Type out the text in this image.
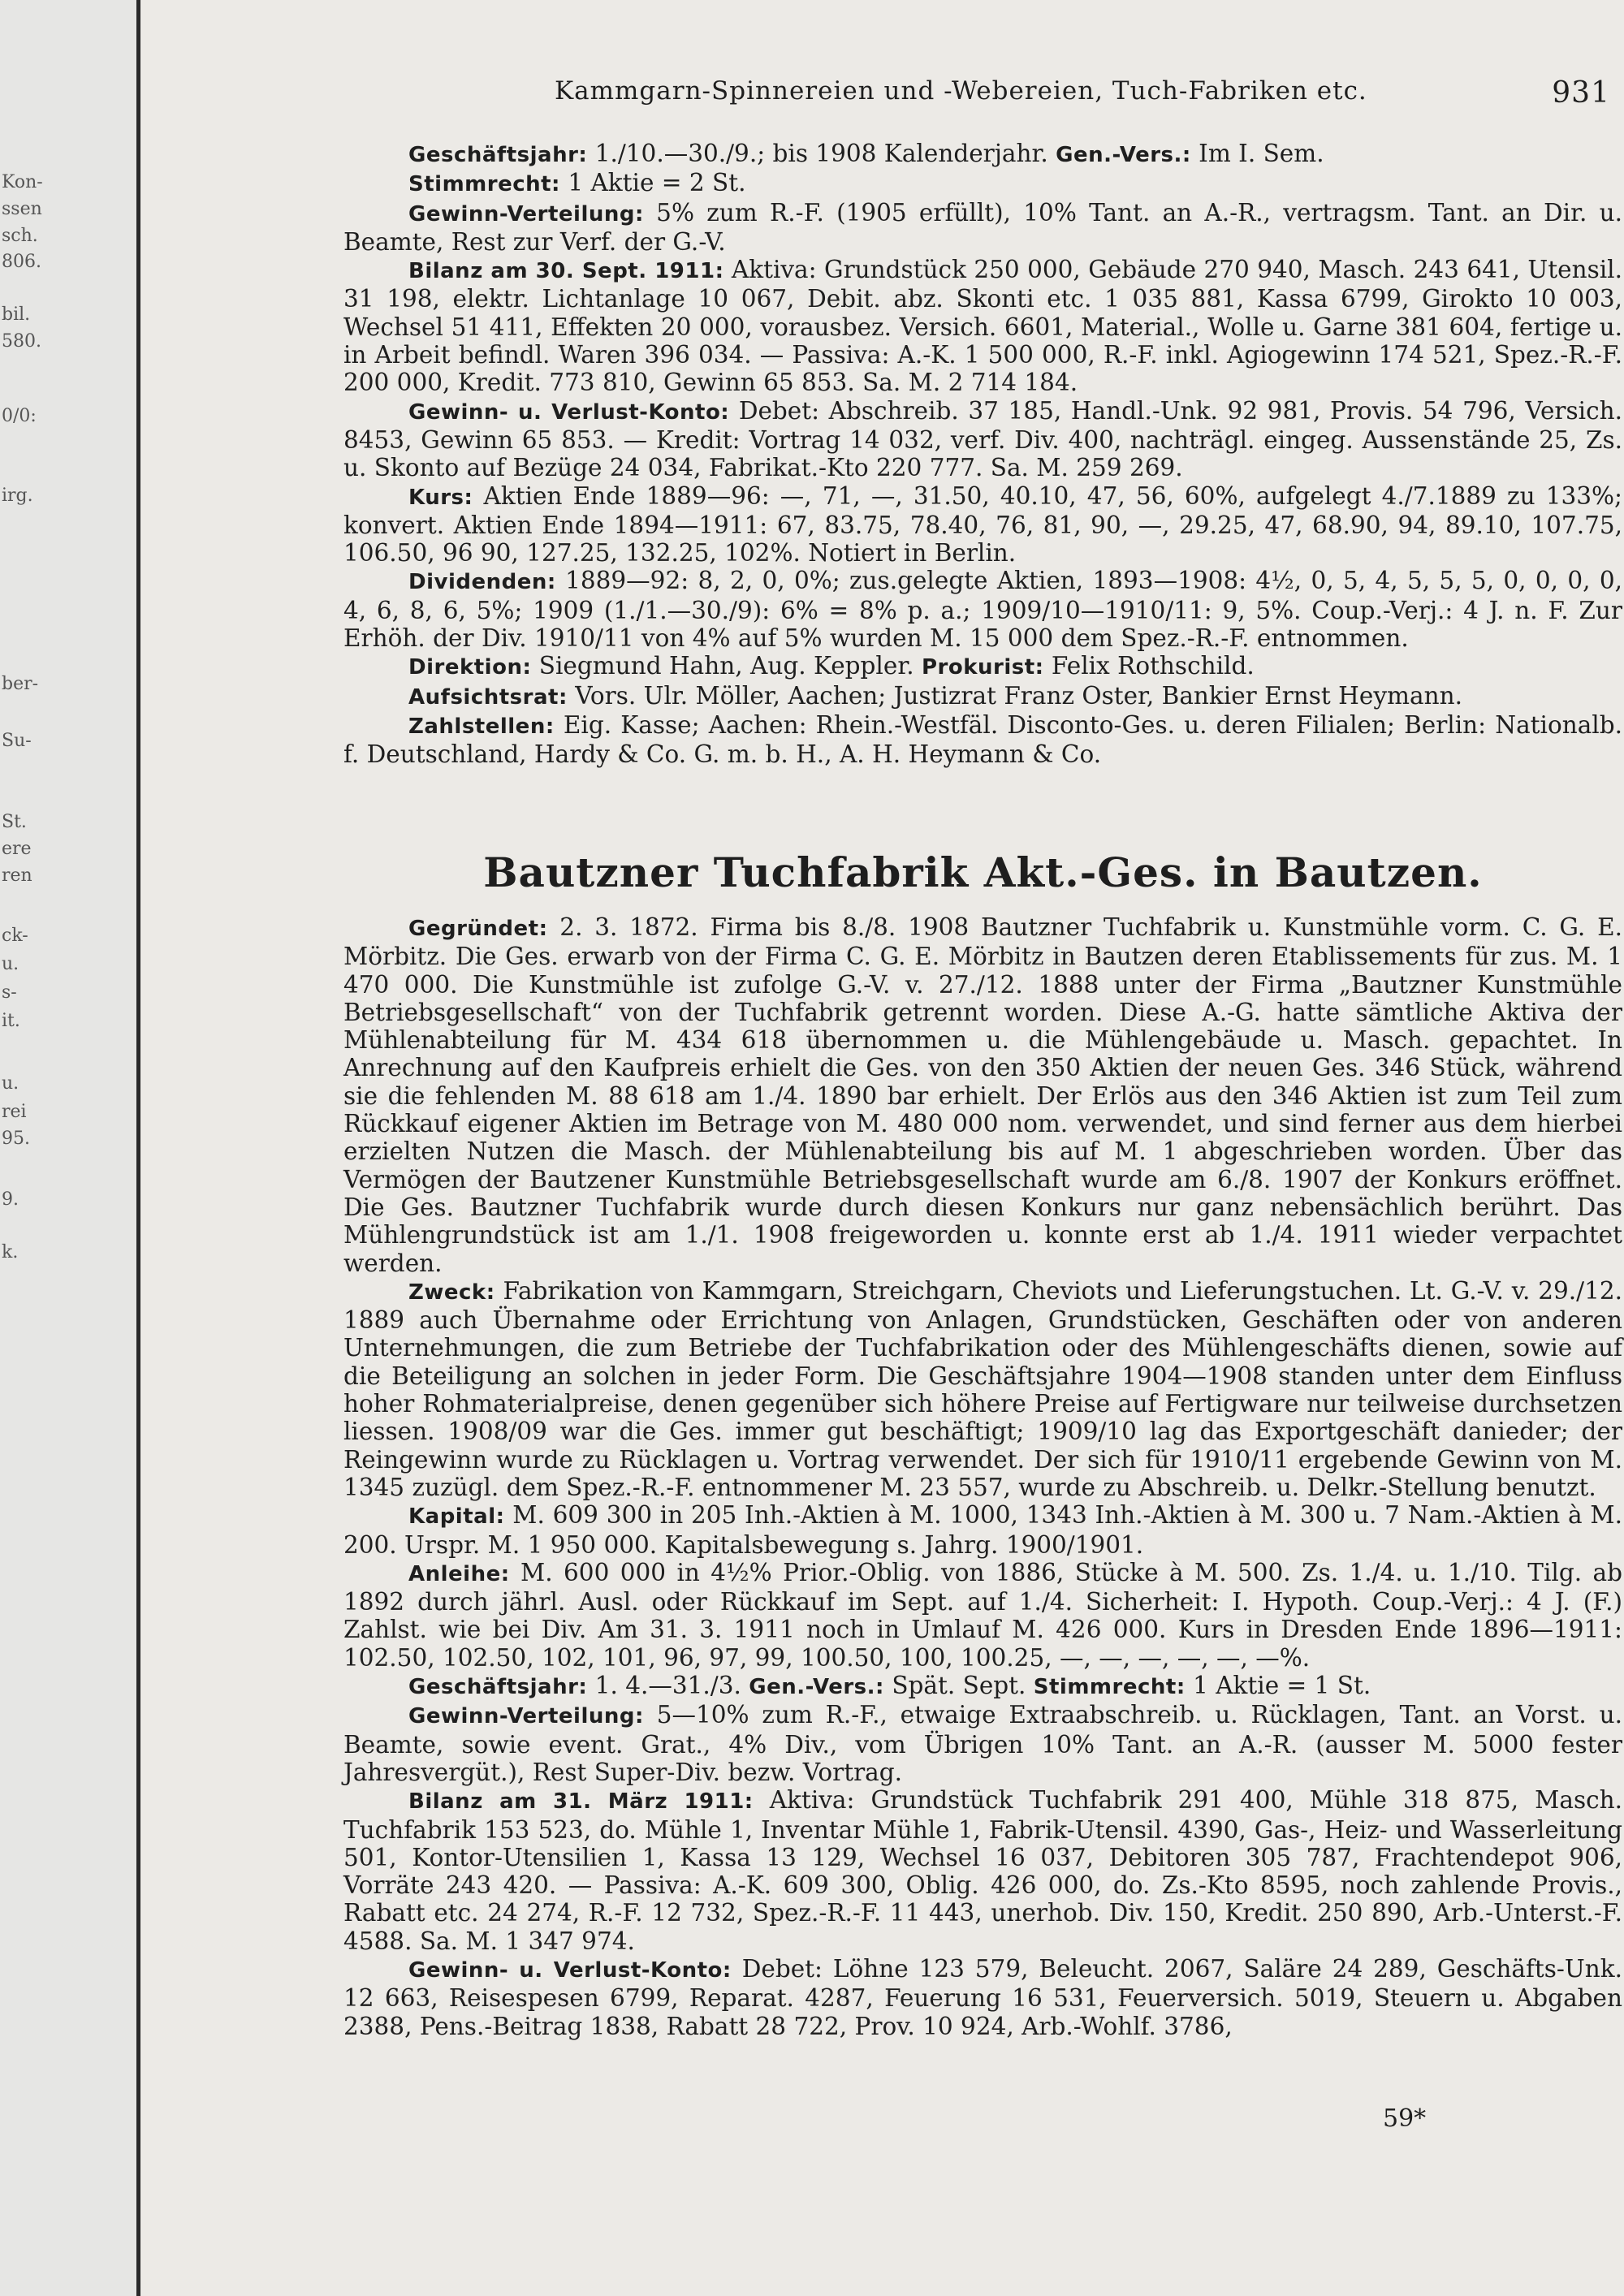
Kon-
ssen
sch.
806.
bil.
580.
0/0:
irg.
ber-
Su-
St.
ere
ren
ck-
u.
s-
it.
u.
rei
95.
9.
k.
Kammgarn-Spinnereien und -Webereien, Tuch-Fabriken etc.	931

Geschäftsjahr: 1./10.—30./9.; bis 1908 Kalenderjahr. Gen.-Vers.: Im I. Sem.

Stimmrecht: 1 Aktie = 2 St.

Gewinn-Verteilung: 5% zum R.-F. (1905 erfüllt), 10% Tant. an A.-R., vertragsm. Tant. an Dir. u. Beamte, Rest zur Verf. der G.-V.

Bilanz am 30. Sept. 1911: Aktiva: Grundstück 250 000, Gebäude 270 940, Masch. 243 641, Utensil. 31 198, elektr. Lichtanlage 10 067, Debit. abz. Skonti etc. 1 035 881, Kassa 6799, Girokto 10 003, Wechsel 51 411, Effekten 20 000, vorausbez. Versich. 6601, Material., Wolle u. Garne 381 604, fertige u. in Arbeit befindl. Waren 396 034. — Passiva: A.-K. 1 500 000, R.-F. inkl. Agiogewinn 174 521, Spez.-R.-F. 200 000, Kredit. 773 810, Gewinn 65 853. Sa. M. 2 714 184.

Gewinn- u. Verlust-Konto: Debet: Abschreib. 37 185, Handl.-Unk. 92 981, Provis. 54 796, Versich. 8453, Gewinn 65 853. — Kredit: Vortrag 14 032, verf. Div. 400, nachträgl. eingeg. Aussenstände 25, Zs. u. Skonto auf Bezüge 24 034, Fabrikat.-Kto 220 777. Sa. M. 259 269.

Kurs: Aktien Ende 1889—96: —, 71, —, 31.50, 40.10, 47, 56, 60%, aufgelegt 4./7.1889 zu 133%; konvert. Aktien Ende 1894—1911: 67, 83.75, 78.40, 76, 81, 90, —, 29.25, 47, 68.90, 94, 89.10, 107.75, 106.50, 96 90, 127.25, 132.25, 102%. Notiert in Berlin.

Dividenden: 1889—92: 8, 2, 0, 0%; zus.gelegte Aktien, 1893—1908: 4½, 0, 5, 4, 5, 5, 5, 0, 0, 0, 0, 4, 6, 8, 6, 5%; 1909 (1./1.—30./9): 6% = 8% p. a.; 1909/10—1910/11: 9, 5%. Coup.-Verj.: 4 J. n. F. Zur Erhöh. der Div. 1910/11 von 4% auf 5% wurden M. 15 000 dem Spez.-R.-F. entnommen.

Direktion: Siegmund Hahn, Aug. Keppler. Prokurist: Felix Rothschild.

Aufsichtsrat: Vors. Ulr. Möller, Aachen; Justizrat Franz Oster, Bankier Ernst Heymann.

Zahlstellen: Eig. Kasse; Aachen: Rhein.-Westfäl. Disconto-Ges. u. deren Filialen; Berlin: Nationalb. f. Deutschland, Hardy & Co. G. m. b. H., A. H. Heymann & Co.

Bautzner Tuchfabrik Akt.-Ges. in Bautzen.

Gegründet: 2. 3. 1872. Firma bis 8./8. 1908 Bautzner Tuchfabrik u. Kunstmühle vorm. C. G. E. Mörbitz. Die Ges. erwarb von der Firma C. G. E. Mörbitz in Bautzen deren Etablissements für zus. M. 1 470 000. Die Kunstmühle ist zufolge G.-V. v. 27./12. 1888 unter der Firma „Bautzner Kunstmühle Betriebsgesellschaft“ von der Tuchfabrik getrennt worden. Diese A.-G. hatte sämtliche Aktiva der Mühlenabteilung für M. 434 618 übernommen u. die Mühlengebäude u. Masch. gepachtet. In Anrechnung auf den Kaufpreis erhielt die Ges. von den 350 Aktien der neuen Ges. 346 Stück, während sie die fehlenden M. 88 618 am 1./4. 1890 bar erhielt. Der Erlös aus den 346 Aktien ist zum Teil zum Rückkauf eigener Aktien im Betrage von M. 480 000 nom. verwendet, und sind ferner aus dem hierbei erzielten Nutzen die Masch. der Mühlenabteilung bis auf M. 1 abgeschrieben worden. Über das Vermögen der Bautzener Kunstmühle Betriebsgesellschaft wurde am 6./8. 1907 der Konkurs eröffnet. Die Ges. Bautzner Tuchfabrik wurde durch diesen Konkurs nur ganz nebensächlich berührt. Das Mühlengrundstück ist am 1./1. 1908 freigeworden u. konnte erst ab 1./4. 1911 wieder verpachtet werden.

Zweck: Fabrikation von Kammgarn, Streichgarn, Cheviots und Lieferungstuchen. Lt. G.-V. v. 29./12. 1889 auch Übernahme oder Errichtung von Anlagen, Grundstücken, Geschäften oder von anderen Unternehmungen, die zum Betriebe der Tuchfabrikation oder des Mühlengeschäfts dienen, sowie auf die Beteiligung an solchen in jeder Form. Die Geschäftsjahre 1904—1908 standen unter dem Einfluss hoher Rohmaterialpreise, denen gegenüber sich höhere Preise auf Fertigware nur teilweise durchsetzen liessen. 1908/09 war die Ges. immer gut beschäftigt; 1909/10 lag das Exportgeschäft danieder; der Reingewinn wurde zu Rücklagen u. Vortrag verwendet. Der sich für 1910/11 ergebende Gewinn von M. 1345 zuzügl. dem Spez.-R.-F. entnommener M. 23 557, wurde zu Abschreib. u. Delkr.-Stellung benutzt.

Kapital: M. 609 300 in 205 Inh.-Aktien à M. 1000, 1343 Inh.-Aktien à M. 300 u. 7 Nam.-Aktien à M. 200. Urspr. M. 1 950 000. Kapitalsbewegung s. Jahrg. 1900/1901.

Anleihe: M. 600 000 in 4½% Prior.-Oblig. von 1886, Stücke à M. 500. Zs. 1./4. u. 1./10. Tilg. ab 1892 durch jährl. Ausl. oder Rückkauf im Sept. auf 1./4. Sicherheit: I. Hypoth. Coup.-Verj.: 4 J. (F.) Zahlst. wie bei Div. Am 31. 3. 1911 noch in Umlauf M. 426 000. Kurs in Dresden Ende 1896—1911: 102.50, 102.50, 102, 101, 96, 97, 99, 100.50, 100, 100.25, —, —, —, —, —, —%.

Geschäftsjahr: 1. 4.—31./3. Gen.-Vers.: Spät. Sept. Stimmrecht: 1 Aktie = 1 St.

Gewinn-Verteilung: 5—10% zum R.-F., etwaige Extraabschreib. u. Rücklagen, Tant. an Vorst. u. Beamte, sowie event. Grat., 4% Div., vom Übrigen 10% Tant. an A.-R. (ausser M. 5000 fester Jahresvergüt.), Rest Super-Div. bezw. Vortrag.

Bilanz am 31. März 1911: Aktiva: Grundstück Tuchfabrik 291 400, Mühle 318 875, Masch. Tuchfabrik 153 523, do. Mühle 1, Inventar Mühle 1, Fabrik-Utensil. 4390, Gas-, Heiz- und Wasserleitung 501, Kontor-Utensilien 1, Kassa 13 129, Wechsel 16 037, Debitoren 305 787, Frachtendepot 906, Vorräte 243 420. — Passiva: A.-K. 609 300, Oblig. 426 000, do. Zs.-Kto 8595, noch zahlende Provis., Rabatt etc. 24 274, R.-F. 12 732, Spez.-R.-F. 11 443, unerhob. Div. 150, Kredit. 250 890, Arb.-Unterst.-F. 4588. Sa. M. 1 347 974.

Gewinn- u. Verlust-Konto: Debet: Löhne 123 579, Beleucht. 2067, Saläre 24 289, Geschäfts-Unk. 12 663, Reisespesen 6799, Reparat. 4287, Feuerung 16 531, Feuerversich. 5019, Steuern u. Abgaben 2388, Pens.-Beitrag 1838, Rabatt 28 722, Prov. 10 924, Arb.-Wohlf. 3786,

59*
